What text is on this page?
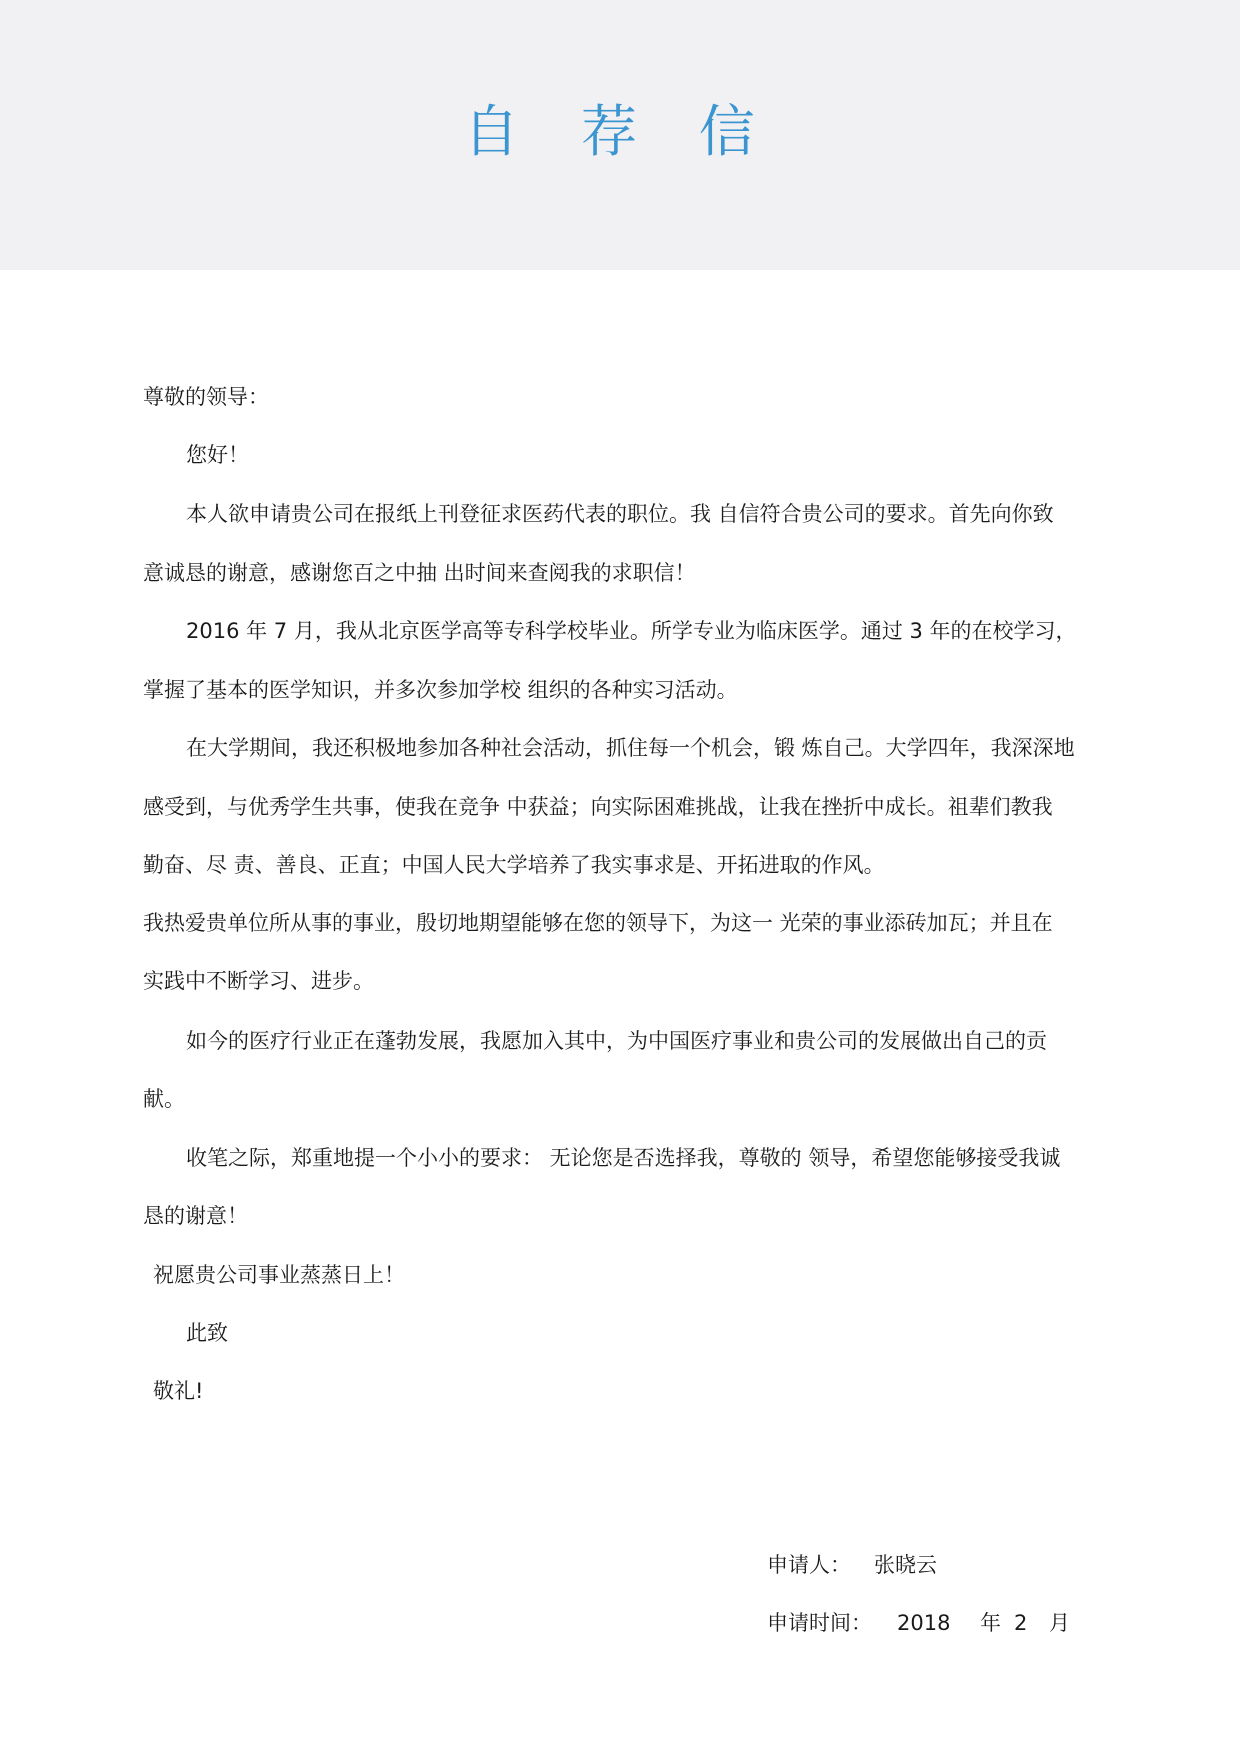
自 荐 信
尊敬的领导：
您好！
本人欲申请贵公司在报纸上刊登征求医药代表的职位。我 自信符合贵公司的要求。首先向你致
意诚恳的谢意，感谢您百之中抽 出时间来查阅我的求职信！
2016 年 7 月，我从北京医学高等专科学校毕业。所学专业为临床医学。通过 3 年的在校学习，
掌握了基本的医学知识，并多次参加学校 组织的各种实习活动。
在大学期间，我还积极地参加各种社会活动，抓住每一个机会，锻 炼自己。大学四年，我深深地
感受到，与优秀学生共事，使我在竞争 中获益；向实际困难挑战，让我在挫折中成长。祖辈们教我
勤奋、尽 责、善良、正直；中国人民大学培养了我实事求是、开拓进取的作风。
我热爱贵单位所从事的事业，殷切地期望能够在您的领导下，为这一 光荣的事业添砖加瓦；并且在
实践中不断学习、进步。
如今的医疗行业正在蓬勃发展，我愿加入其中，为中国医疗事业和贵公司的发展做出自己的贡
献。
收笔之际，郑重地提一个小小的要求： 无论您是否选择我，尊敬的 领导，希望您能够接受我诚
恳的谢意！
祝愿贵公司事业蒸蒸日上！
此致
敬礼!
申请人： 张晓云
申请时间： 2018 年 2 月
